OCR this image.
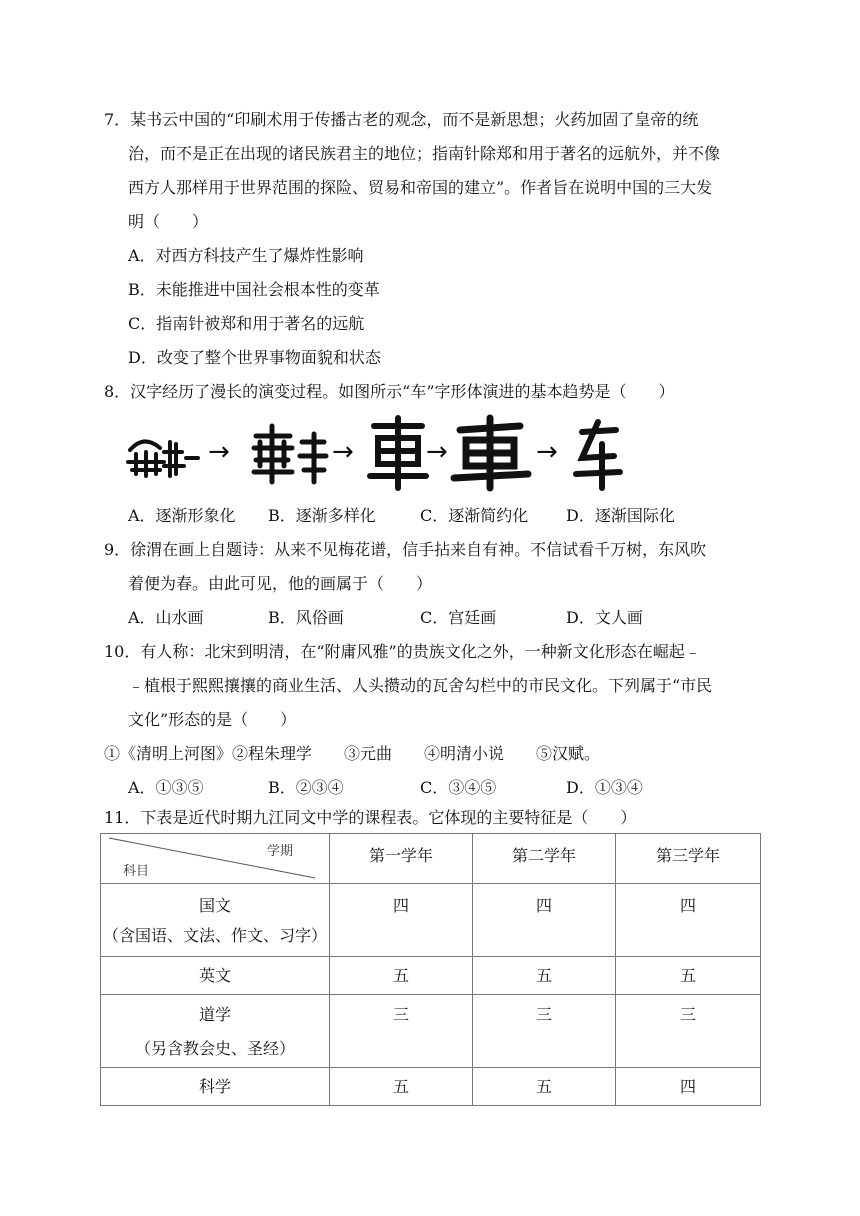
7．某书云中国的“印刷术用于传播古老的观念，而不是新思想；火药加固了皇帝的统
治，而不是正在出现的诸民族君主的地位；指南针除郑和用于著名的远航外，并不像
西方人那样用于世界范围的探险、贸易和帝国的建立”。作者旨在说明中国的三大发
明（　　）
A．对西方科技产生了爆炸性影响
B．未能推进中国社会根本性的变革
C．指南针被郑和用于著名的远航
D．改变了整个世界事物面貌和状态
8．汉字经历了漫长的演变过程。如图所示“车”字形体演进的基本趋势是（　　）
→	→	→	→
A．逐渐形象化 B．逐渐多样化	C．逐渐简约化 D．逐渐国际化
9．徐渭在画上自题诗：从来不见梅花谱，信手拈来自有神。不信试看千万树，东风吹
着便为春。由此可见，他的画属于（　　）
A．山水画	B．风俗画	C．宫廷画	D．文人画
10．有人称：北宋到明清，在“附庸风雅”的贵族文化之外，一种新文化形态在崛起﹣
﹣植根于熙熙攘攘的商业生活、人头攒动的瓦舍勾栏中的市民文化。下列属于“市民
文化”形态的是（　　）
①《清明上河图》②程朱理学　　③元曲　　④明清小说　　⑤汉赋。
A．①③⑤	B．②③④	C．③④⑤	D．①③④
11．下表是近代时期九江同文中学的课程表。它体现的主要特征是（　　）
学期
科目	第一学年	第二学年	第三学年

国文
（含国语、文法、作文、习字）	四	四	四

英文	五	五	五

道学
（另含教会史、圣经）	三	三	三

科学	五	五	四
